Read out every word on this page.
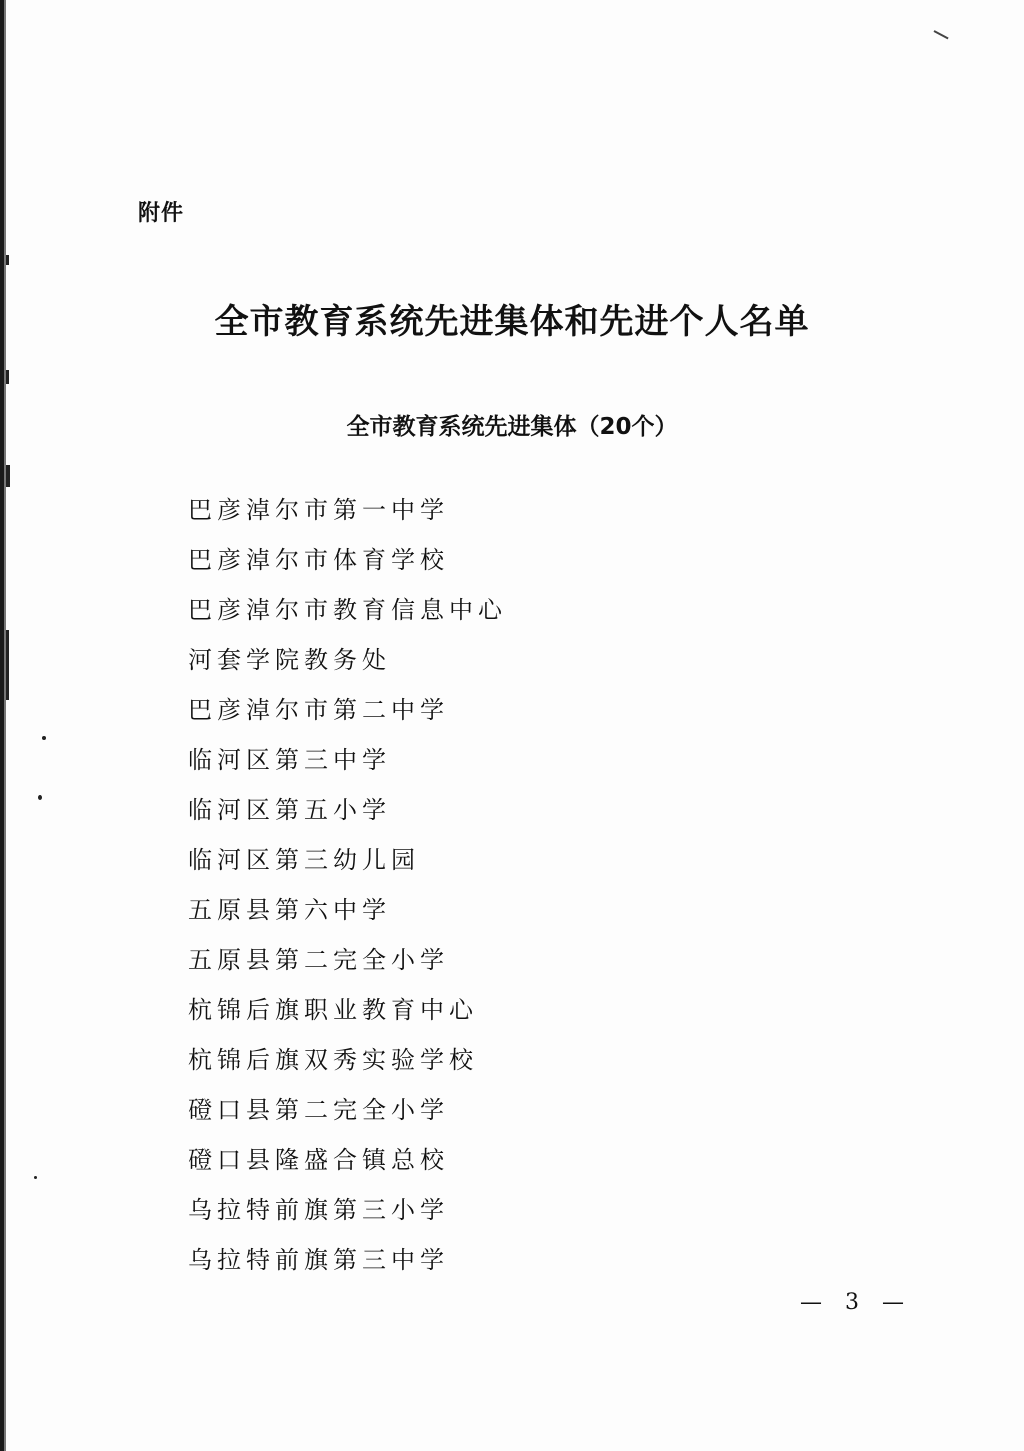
附件
全市教育系统先进集体和先进个人名单
全市教育系统先进集体（20个）
巴彦淖尔市第一中学
巴彦淖尔市体育学校
巴彦淖尔市教育信息中心
河套学院教务处
巴彦淖尔市第二中学
临河区第三中学
临河区第五小学
临河区第三幼儿园
五原县第六中学
五原县第二完全小学
杭锦后旗职业教育中心
杭锦后旗双秀实验学校
磴口县第二完全小学
磴口县隆盛合镇总校
乌拉特前旗第三小学
乌拉特前旗第三中学
— 3 —
